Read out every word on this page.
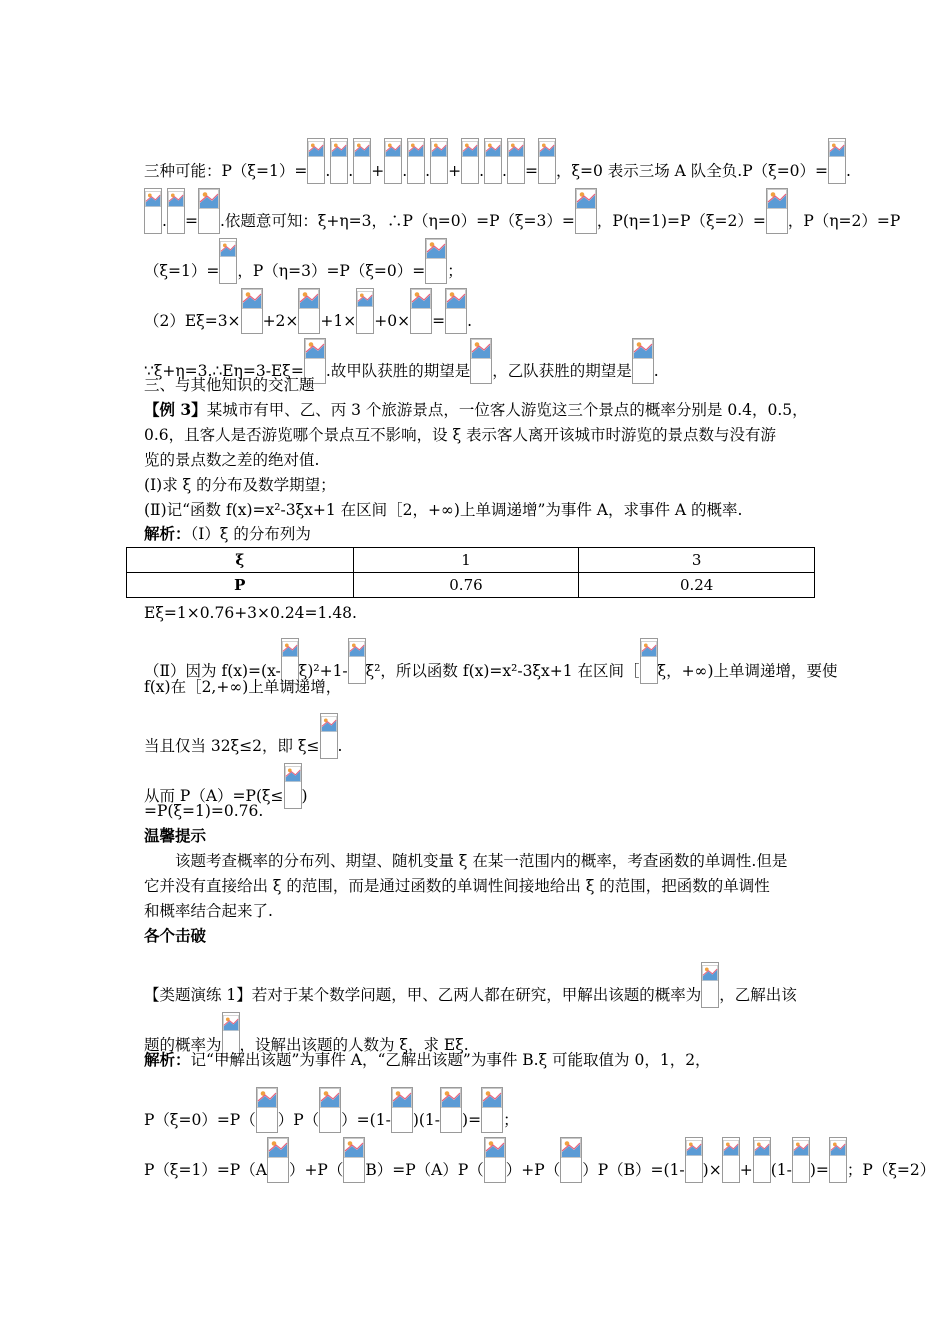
三种可能：P（ξ=1）= . . + . . + . . = ，ξ=0 表示三场 A 队全负.P（ξ=0）= .
. = .依题意可知：ξ+η=3，∴P（η=0）=P（ξ=3）= ，P(η=1)=P（ξ=2）= ，P（η=2）=P
（ξ=1）= ，P（η=3）=P（ξ=0）= ；
（2）Eξ=3× +2× +1× +0× = .
∵ξ+η=3.∴Eη=3-Eξ= .故甲队获胜的期望是 ，乙队获胜的期望是 .
三、与其他知识的交汇题
【例 3】某城市有甲、乙、丙 3 个旅游景点，一位客人游览这三个景点的概率分别是 0.4，0.5，
0.6，且客人是否游览哪个景点互不影响，设 ξ 表示客人离开该城市时游览的景点数与没有游
览的景点数之差的绝对值.
(Ⅰ)求 ξ 的分布及数学期望；
(Ⅱ)记“函数 f(x)=x²-3ξx+1 在区间［2，+∞)上单调递增”为事件 A，求事件 A 的概率.
解析：（Ⅰ）ξ 的分布列为
ξ	1	3
P	0.76	0.24
Eξ=1×0.76+3×0.24=1.48.
（Ⅱ）因为 f(x)=(x- ξ)²+1- ξ²，所以函数 f(x)=x²-3ξx+1 在区间［ ξ，+∞)上单调递增，要使
f(x)在［2,+∞)上单调递增，
当且仅当 32ξ≤2，即 ξ≤ .
从而 P（A）=P(ξ≤ )
=P(ξ=1)=0.76.
温馨提示
该题考查概率的分布列、期望、随机变量 ξ 在某一范围内的概率，考查函数的单调性.但是
它并没有直接给出 ξ 的范围，而是通过函数的单调性间接地给出 ξ 的范围，把函数的单调性
和概率结合起来了.
各个击破
【类题演练 1】若对于某个数学问题，甲、乙两人都在研究，甲解出该题的概率为 ，乙解出该
题的概率为 ，设解出该题的人数为 ξ，求 Eξ.
解析：记“甲解出该题”为事件 A，“乙解出该题”为事件 B.ξ 可能取值为 0，1，2，
P（ξ=0）=P（ ）P（ ）=(1- )(1- )= ；
P（ξ=1）=P（A ）+P（ B）=P（A）P（ ）+P（ ）P（B）=(1- )× + (1- )= ；P（ξ=2）
